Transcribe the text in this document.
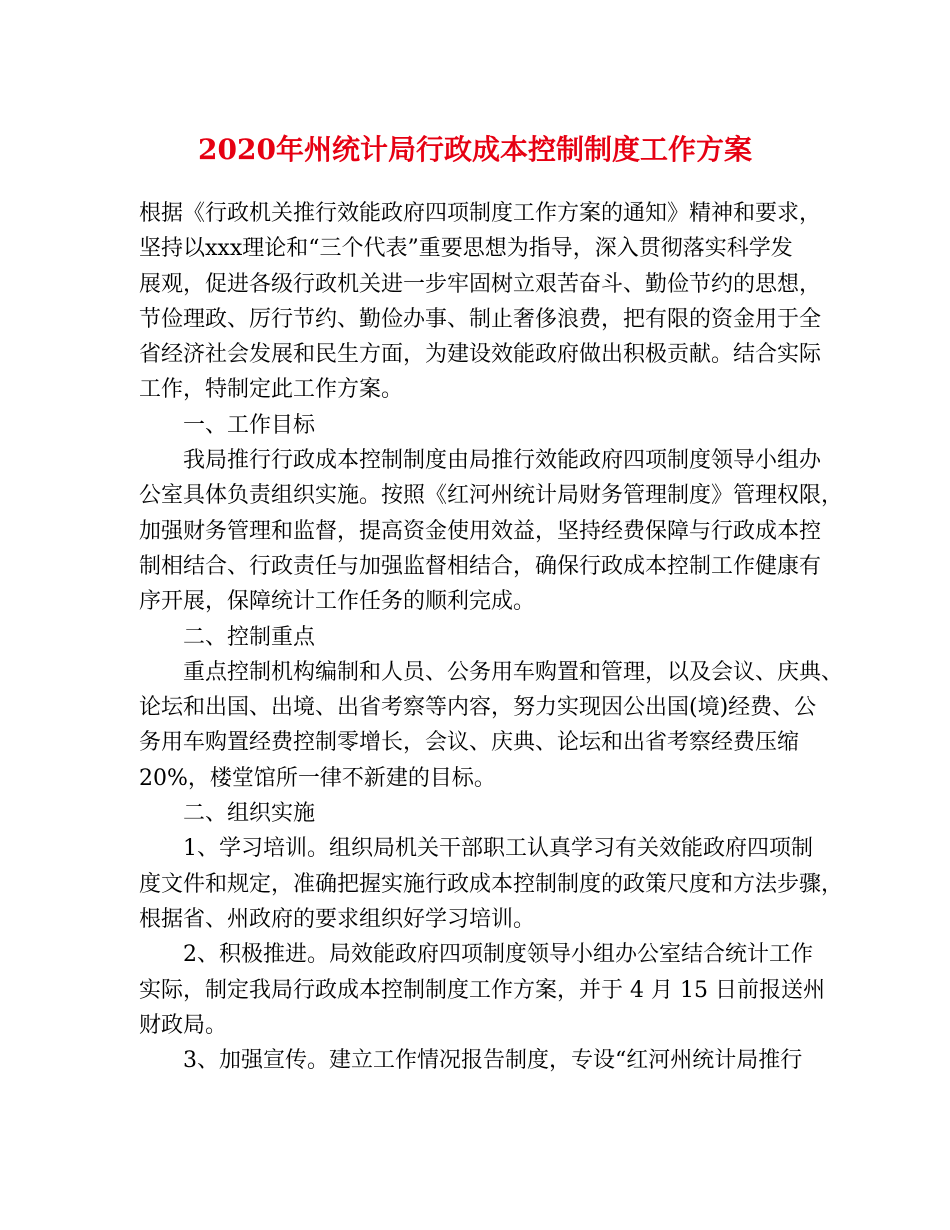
2020年州统计局行政成本控制制度工作方案
根据《行政机关推行效能政府四项制度工作方案的通知》精神和要求，
坚持以xxx理论和“三个代表”重要思想为指导，深入贯彻落实科学发
展观，促进各级行政机关进一步牢固树立艰苦奋斗、勤俭节约的思想，
节俭理政、厉行节约、勤俭办事、制止奢侈浪费，把有限的资金用于全
省经济社会发展和民生方面，为建设效能政府做出积极贡献。结合实际
工作，特制定此工作方案。
一、工作目标
我局推行行政成本控制制度由局推行效能政府四项制度领导小组办
公室具体负责组织实施。按照《红河州统计局财务管理制度》管理权限，
加强财务管理和监督，提高资金使用效益，坚持经费保障与行政成本控
制相结合、行政责任与加强监督相结合，确保行政成本控制工作健康有
序开展，保障统计工作任务的顺利完成。
二、控制重点
重点控制机构编制和人员、公务用车购置和管理，以及会议、庆典、
论坛和出国、出境、出省考察等内容，努力实现因公出国(境)经费、公
务用车购置经费控制零增长，会议、庆典、论坛和出省考察经费压缩
20%，楼堂馆所一律不新建的目标。
二、组织实施
1、学习培训。组织局机关干部职工认真学习有关效能政府四项制
度文件和规定，准确把握实施行政成本控制制度的政策尺度和方法步骤，
根据省、州政府的要求组织好学习培训。
2、积极推进。局效能政府四项制度领导小组办公室结合统计工作
实际，制定我局行政成本控制制度工作方案，并于 4 月 15 日前报送州
财政局。
3、加强宣传。建立工作情况报告制度，专设“红河州统计局推行
